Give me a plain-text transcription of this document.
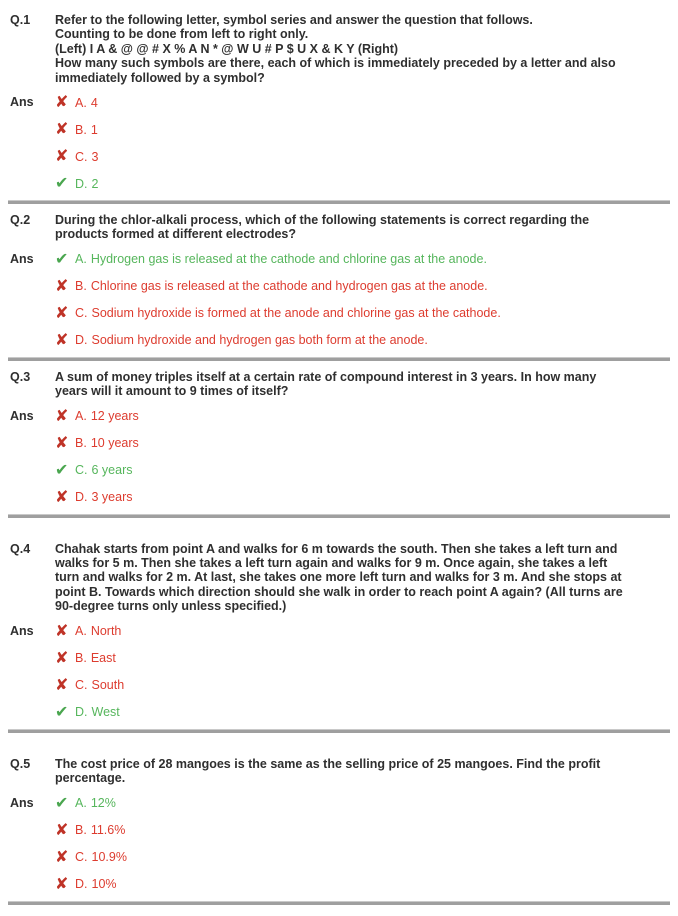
Q.1	Refer to the following letter, symbol series and answer the question that follows.

Counting to be done from left to right only.

(Left) I A & @ @ # X % A N * @ W U # P $ U X & K Y (Right)

How many such symbols are there, each of which is immediately preceded by a letter and also immediately followed by a symbol?

Ans	✘ A. 4
✘ B. 1
✘ C. 3
✔ D. 2
Q.2	During the chlor-alkali process, which of the following statements is correct regarding the products formed at different electrodes?

Ans	✔ A. Hydrogen gas is released at the cathode and chlorine gas at the anode.
✘ B. Chlorine gas is released at the cathode and hydrogen gas at the anode.
✘ C. Sodium hydroxide is formed at the anode and chlorine gas at the cathode.
✘ D. Sodium hydroxide and hydrogen gas both form at the anode.
Q.3	A sum of money triples itself at a certain rate of compound interest in 3 years. In how many years will it amount to 9 times of itself?

Ans	✘ A. 12 years
✘ B. 10 years
✔ C. 6 years
✘ D. 3 years
Q.4	Chahak starts from point A and walks for 6 m towards the south. Then she takes a left turn and walks for 5 m. Then she takes a left turn again and walks for 9 m. Once again, she takes a left turn and walks for 2 m. At last, she takes one more left turn and walks for 3 m. And she stops at point B. Towards which direction should she walk in order to reach point A again? (All turns are 90-degree turns only unless specified.)

Ans	✘ A. North
✘ B. East
✘ C. South
✔ D. West
Q.5	The cost price of 28 mangoes is the same as the selling price of 25 mangoes. Find the profit percentage.

Ans	✔ A. 12%
✘ B. 11.6%
✘ C. 10.9%
✘ D. 10%
